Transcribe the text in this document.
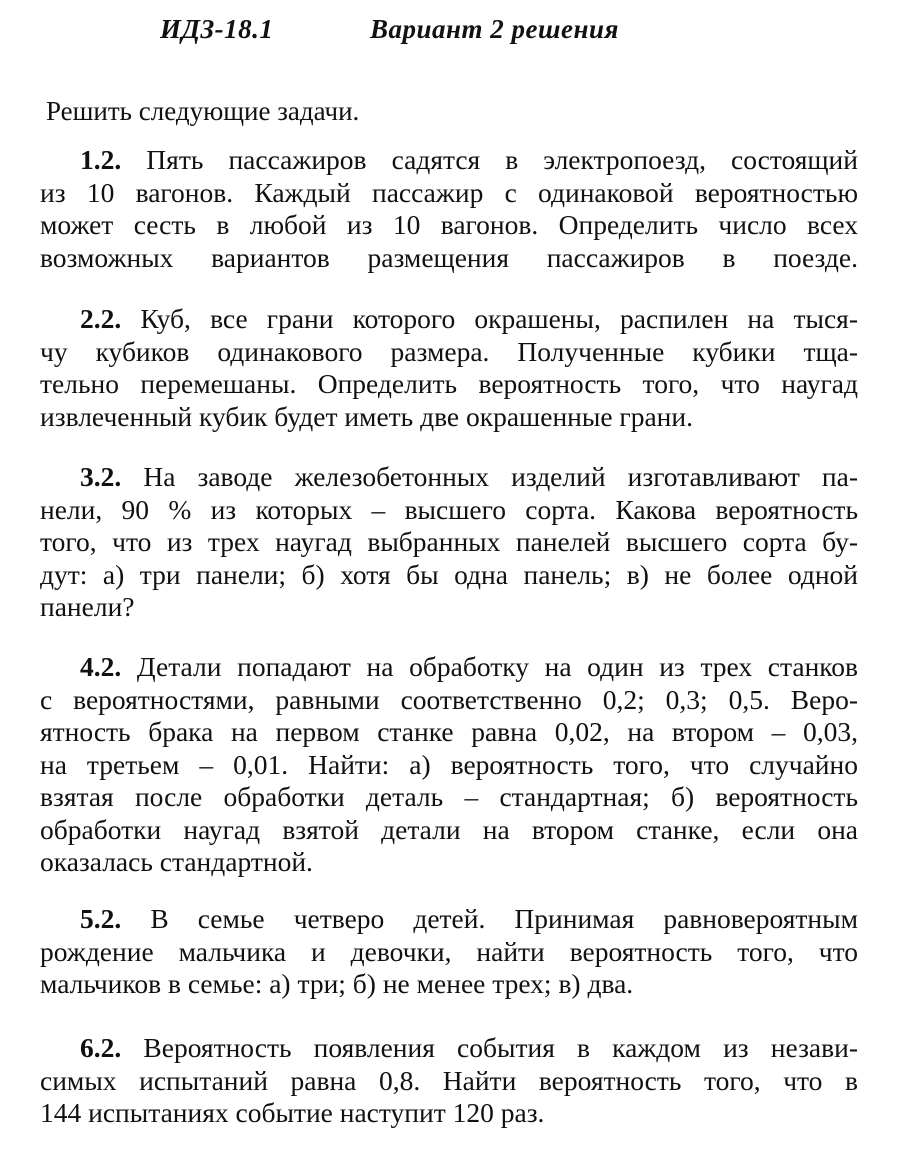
ИДЗ-18.1	Вариант 2 решения
Решить следующие задачи.
1.2. Пять пассажиров садятся в электропоезд, состоящий
из 10 вагонов. Каждый пассажир с одинаковой вероятностью
может сесть в любой из 10 вагонов. Определить число всех
возможных вариантов размещения пассажиров в поезде.
2.2. Куб, все грани которого окрашены, распилен на тыся-
чу кубиков одинакового размера. Полученные кубики тща-
тельно перемешаны. Определить вероятность того, что наугад
извлеченный кубик будет иметь две окрашенные грани.
3.2. На заводе железобетонных изделий изготавливают па-
нели, 90 % из которых – высшего сорта. Какова вероятность
того, что из трех наугад выбранных панелей высшего сорта бу-
дут: а) три панели; б) хотя бы одна панель; в) не более одной
панели?
4.2. Детали попадают на обработку на один из трех станков
с вероятностями, равными соответственно 0,2; 0,3; 0,5. Веро-
ятность брака на первом станке равна 0,02, на втором – 0,03,
на третьем – 0,01. Найти: а) вероятность того, что случайно
взятая после обработки деталь – стандартная; б) вероятность
обработки наугад взятой детали на втором станке, если она
оказалась стандартной.
5.2. В семье четверо детей. Принимая равновероятным
рождение мальчика и девочки, найти вероятность того, что
мальчиков в семье: а) три; б) не менее трех; в) два.
6.2. Вероятность появления события в каждом из незави-
симых испытаний равна 0,8. Найти вероятность того, что в
144 испытаниях событие наступит 120 раз.
